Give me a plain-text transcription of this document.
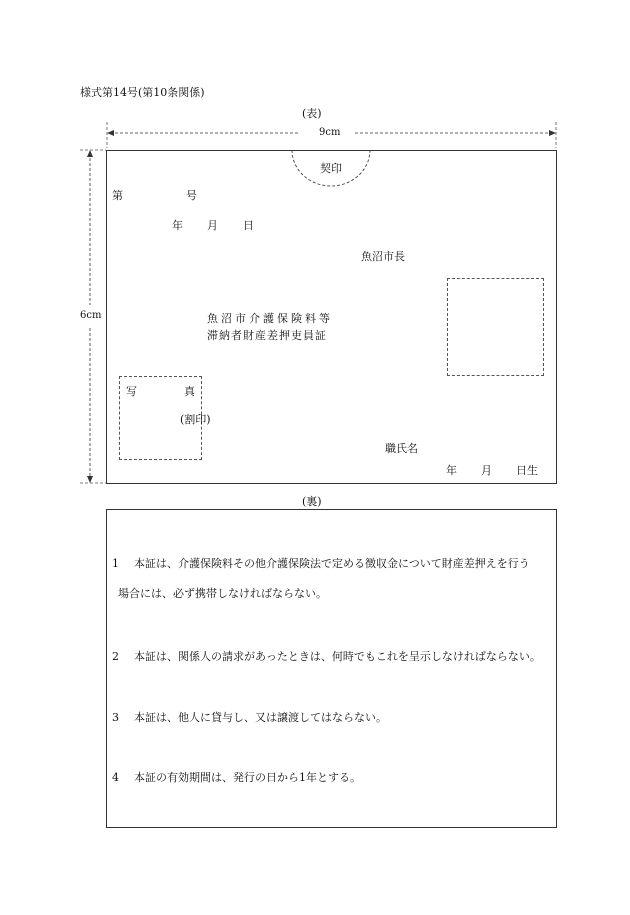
様式第14号(第10条関係)
(表)
9cm
6cm
契印
第	号
年 月 日
魚沼市長
魚沼市介護保険料等
滞納者財産差押吏員証
写	真
(割印)
職氏名
年 月 日生
(裏)
1 本証は、介護保険料その他介護保険法で定める徴収金について財産差押えを行う
場合には、必ず携帯しなければならない。
2 本証は、関係人の請求があったときは、何時でもこれを呈示しなければならない。
3 本証は、他人に貸与し、又は譲渡してはならない。
4 本証の有効期間は、発行の日から1年とする。
